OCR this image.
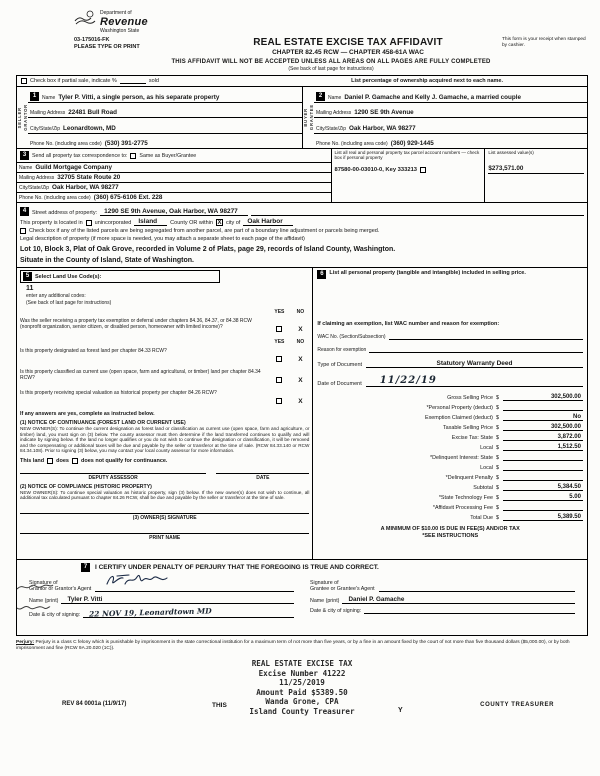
Department of
Revenue
Washington State
03-175016-FK
PLEASE TYPE OR PRINT	REAL ESTATE EXCISE TAX AFFIDAVIT
CHAPTER 82.45 RCW — CHAPTER 458-61A WAC
This form is your receipt when stamped by cashier.
THIS AFFIDAVIT WILL NOT BE ACCEPTED UNLESS ALL AREAS ON ALL PAGES ARE FULLY COMPLETED
(See back of last page for instructions)
Check box if partial sale, indicate %	sold	List percentage of ownership acquired next to each name.
SELLER GRANTOR
1	Name Tyler P. Vitti, a single person, as his separate property
Mailing Address 22481 Bull Road
City/State/Zip Leonardtown, MD
Phone No. (including area code) (530) 391-2775
BUYER GRANTEE
2	Name Daniel P. Gamache and Kelly J. Gamache, a married couple
Mailing Address 1290 SE 9th Avenue
City/State/Zip Oak Harbor, WA 98277
Phone No. (including area code) (360) 929-1445
3	Send all property tax correspondence to: Same as Buyer/Grantee
Name Guild Mortgage Company
Mailing Address 32705 State Route 20
City/State/Zip Oak Harbor, WA 98277
Phone No. (including area code) (360) 675-6106 Ext. 228
List all real and personal property tax parcel account numbers — check box if personal property
87580-00-03010-0, Key 333213
List assessed value(s)
$273,571.00
4	Street address of property:	1290 SE 9th Avenue, Oak Harbor, WA 98277
This property is located in unincorporated	Island	County OR within X city of	Oak Harbor
Check box if any of the listed parcels are being segregated from another parcel, are part of a boundary line adjustment or parcels being merged.
Legal description of property (if more space is needed, you may attach a separate sheet to each page of the affidavit)
Lot 10, Block 3, Plat of Oak Grove, recorded in Volume 2 of Plats, page 29, records of Island County, Washington.
Situate in the County of Island, State of Washington.
5	Select Land Use Code(s):
11
enter any additional codes:
(See back of last page for instructions)
YES	NO
Was the seller receiving a property tax exemption or deferral under chapters 84.36, 84.37, or 84.38 RCW (nonprofit organization, senior citizen, or disabled person, homeowner with limited income)?	X
YES	NO
Is this property designated as forest land per chapter 84.33 RCW?
X
Is this property classified as current use (open space, farm and agricultural, or timber) land per chapter 84.34 RCW?	X
Is this property receiving special valuation as historical property per chapter 84.26 RCW?
X
If any answers are yes, complete as instructed below.
(1) NOTICE OF CONTINUANCE (FOREST LAND OR CURRENT USE)
NEW OWNER(S): To continue the current designation as forest land or classification as current use (open space, farm and agriculture, or timber) land, you must sign on (3) below. The county assessor must then determine if the land transferred continues to qualify and will indicate by signing below. If the land no longer qualifies or you do not wish to continue the designation or classification, it will be removed and the compensating or additional taxes will be due and payable by the seller or transferor at the time of sale. (RCW 84.33.140 or RCW 84.34.108). Prior to signing (3) below, you may contact your local county assessor for more information.
This land does does not qualify for continuance.
DEPUTY ASSESSOR	DATE
(2) NOTICE OF COMPLIANCE (HISTORIC PROPERTY)
NEW OWNER(S): To continue special valuation as historic property, sign (3) below. If the new owner(s) does not wish to continue, all additional tax calculated pursuant to chapter 84.26 RCW, shall be due and payable by the seller or transferor at the time of sale.
(3) OWNER(S) SIGNATURE
PRINT NAME
6	List all personal property (tangible and intangible) included in selling price.
If claiming an exemption, list WAC number and reason for exemption:
WAC No. (Section/Subsection)
Reason for exemption
Type of Document	Statutory Warranty Deed
Date of Document	11/22/19
Gross Selling Price $	302,500.00
*Personal Property (deduct) $
Exemption Claimed (deduct) $	No
Taxable Selling Price $	302,500.00
Excise Tax: State $	3,872.00
Local $	1,512.50
*Delinquent Interest: State $
Local $
*Delinquent Penalty $
Subtotal $	5,384.50
*State Technology Fee $	5.00
*Affidavit Processing Fee $
Total Due $	5,389.50
A MINIMUM OF $10.00 IS DUE IN FEE(S) AND/OR TAX
*SEE INSTRUCTIONS
7	I CERTIFY UNDER PENALTY OF PERJURY THAT THE FOREGOING IS TRUE AND CORRECT.
Signature of
Grantor or Grantor's Agent
Name (print)	Tyler P. Vitti
Date & city of signing:	22 NOV 19, Leonardtown MD
Signature of
Grantee or Grantee's Agent
Name (print)	Daniel P. Gamache
Date & city of signing:
Perjury: Perjury is a class C felony which is punishable by imprisonment in the state correctional institution for a maximum term of not more than five years, or by a fine in an amount fixed by the court of not more than five thousand dollars ($5,000.00), or by both imprisonment and fine (RCW 9A.20.020 (1C)).
REAL ESTATE EXCISE TAX
Excise Number 41222
11/25/2019
Amount Paid $5389.50
Wanda Grone, CPA
Island County Treasurer
REV 84 0001a (11/9/17)	THIS
Y
COUNTY TREASURER
